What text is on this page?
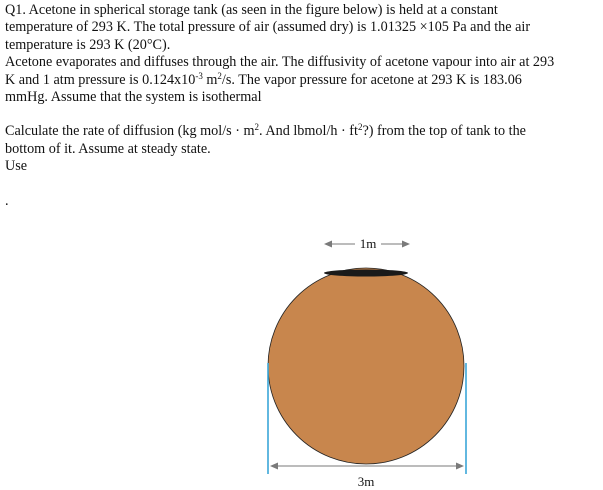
Q1. Acetone in spherical storage tank (as seen in the figure below) is held at a constant

temperature of 293 K. The total pressure of air (assumed dry) is 1.01325 ×105 Pa and the air

temperature is 293 K (20°C).

Acetone evaporates and diffuses through the air. The diffusivity of acetone vapour into air at 293

K and 1 atm pressure is $0.124x10^{-3}$ $m^2/s$. The vapor pressure for acetone at 293 K is 183.06

mmHg. Assume that the system is isothermal

Calculate the rate of diffusion (kg $mol/s \cdot m^2$. And lbmol/h · $ft^2$?) from the top of tank to the

bottom of it. Assume at steady state.

Use

.

1m
3m
